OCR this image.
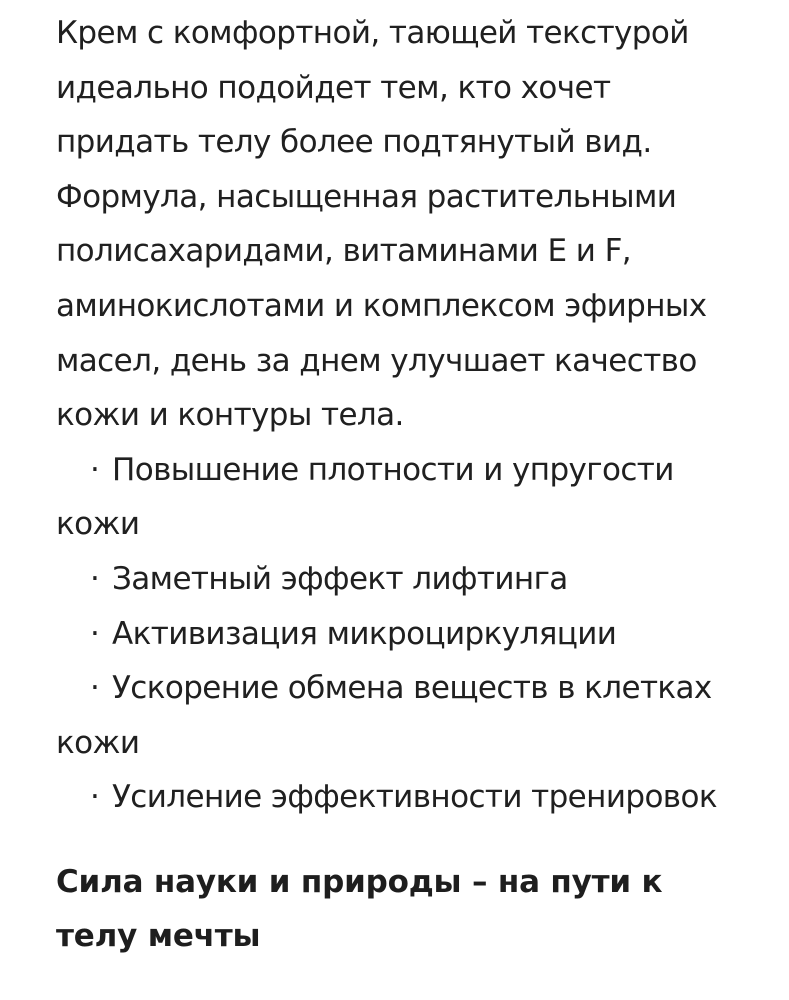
Крем с комфортной, тающей текстурой
идеально подойдет тем, кто хочет
придать телу более подтянутый вид.
Формула, насыщенная растительными
полисахаридами, витаминами Е и F,
аминокислотами и комплексом эфирных
масел, день за днем улучшает качество
кожи и контуры тела.

· Повышение плотности и упругости
кожи
· Заметный эффект лифтинга
· Активизация микроциркуляции
· Ускорение обмена веществ в клетках
кожи
· Усиление эффективности тренировок
Сила науки и природы – на пути к
телу мечты
